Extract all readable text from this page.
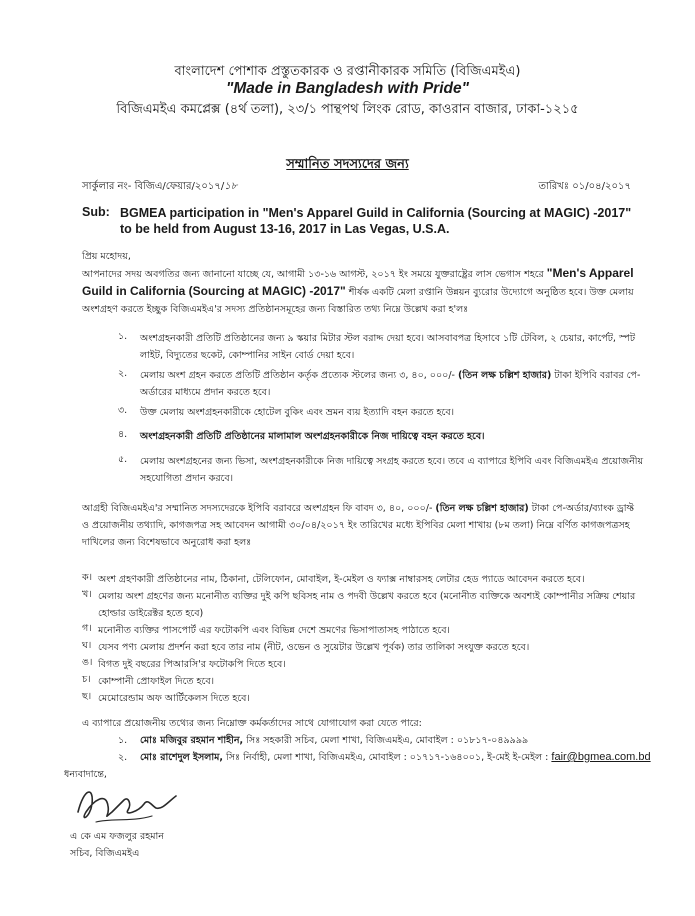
বাংলাদেশ পোশাক প্রস্তুতকারক ও রপ্তানীকারক সমিতি (বিজিএমইএ)
"Made in Bangladesh with Pride"
বিজিএমইএ কমপ্লেক্স (৪র্থ তলা), ২৩/১ পান্থপথ লিংক রোড, কাওরান বাজার, ঢাকা-১২১৫
সম্মানিত সদস্যদের জন্য
সার্কুলার নং- বিজিএ/ফেয়ার/২০১৭/১৮	তারিখঃ ০১/০৪/২০১৭
Sub: BGMEA participation in "Men's Apparel Guild in California (Sourcing at MAGIC) -2017" to be held from August 13-16, 2017 in Las Vegas, U.S.A.
প্রিয় মহোদয়,
আপনাদের সদয় অবগতির জন্য জানানো যাচ্ছে যে, আগামী ১৩-১৬ আগস্ট, ২০১৭ ইং সময়ে যুক্তরাষ্ট্রের লাস ভেগাস শহরে "Men's Apparel Guild in California (Sourcing at MAGIC) -2017" শীর্ষক একটি মেলা রপ্তানি উন্নয়ন ব্যুরোর উদ্যোগে অনুষ্ঠিত হবে। উক্ত মেলায় অংশগ্রহণ করতে ইচ্ছুক বিজিএমইএ'র সদস্য প্রতিষ্ঠানসমূহের জন্য বিস্তারিত তথ্য নিম্নে উল্লেখ করা হ'লঃ
১. অংশগ্রহনকারী প্রতিটি প্রতিষ্ঠানের জন্য ৯ স্কয়ার মিটার স্টল বরাদ্দ দেয়া হবে। আসবাবপত্র হিসাবে ১টি টেবিল, ২ চেয়ার, কার্পেট, স্পট লাইট, বিদ্যুতের ছকেট, কোম্পানির সাইন বোর্ড দেয়া হবে।
২. মেলায় অংশ গ্রহন করতে প্রতিটি প্রতিষ্ঠান কর্তৃক প্রত্যেক স্টলের জন্য ৩, ৪০, ০০০/- (তিন লক্ষ চল্লিশ হাজার) টাকা ইপিবি বরাবর পে-অর্ডারের মাধ্যমে প্রদান করতে হবে।
৩. উক্ত মেলায় অংশগ্রহনকারীকে হোটেল বুকিং এবং ভ্রমন ব্যয় ইত্যাদি বহন করতে হবে।
৪. অংশগ্রহনকারী প্রতিটি প্রতিষ্ঠানের মালামাল অংশগ্রহনকারীকে নিজ দায়িত্বে বহন করতে হবে।
৫. মেলায় অংশগ্রহনের জন্য ভিসা, অংশগ্রহনকারীকে নিজ দায়িত্বে সংগ্রহ করতে হবে। তবে এ ব্যাপারে ইপিবি এবং বিজিএমইএ প্রয়োজনীয় সহযোগিতা প্রদান করবে।
আগ্রহী বিজিএমইএ'র সম্মানিত সদস্যদেরকে ইপিবি বরাবরে অংশগ্রহন ফি বাবদ ৩, ৪০, ০০০/- (তিন লক্ষ চল্লিশ হাজার) টাকা পে-অর্ডার/ব্যাংক ড্রাফ্ট ও প্রয়োজনীয় তথ্যাদি, কাগজপত্র সহ আবেদন আগামী ৩০/০৪/২০১৭ ইং তারিখের মধ্যে ইপিবির মেলা শাখায় (৮ম তলা) নিম্নে বর্ণিত কাগজপত্রসহ দাখিলের জন্য বিশেষভাবে অনুরোধ করা হলঃ
ক। অংশ গ্রহণকারী প্রতিষ্ঠানের নাম, ঠিকানা, টেলিফোন, মোবাইল, ই-মেইল ও ফ্যাক্স নাম্বারসহ লেটার হেড প্যাডে আবেদন করতে হবে।
খ। মেলায় অংশ গ্রহণের জন্য মনোনীত ব্যক্তির দুই কপি ছবিসহ নাম ও পদবী উল্লেখ করতে হবে (মনোনীত ব্যক্তিকে অবশ্যই কোম্পানীর সক্রিয় শেয়ার হোল্ডার ডাইরেক্টর হতে হবে)
গ। মনোনীত ব্যক্তির পাসপোর্ট এর ফটোকপি এবং বিভিন্ন দেশে ভ্রমণের ভিসাপাতাসহ পাঠাতে হবে।
ঘ। যেসব পণ্য মেলায় প্রদর্শন করা হবে তার নাম (নীট, ওভেন ও সুয়েটার উল্লেখ পূর্বক) তার তালিকা সংযুক্ত করতে হবে।
ঙ। বিগত দুই বছরের পিআরসি'র ফটোকপি দিতে হবে।
চ। কোম্পানী প্রোফাইল দিতে হবে।
ছ। মেমোরেন্ডাম অফ আর্টিকেলস দিতে হবে।
এ ব্যাপারে প্রয়োজনীয় তথ্যের জন্য নিম্নোক্ত কর্মকর্তাদের সাথে যোগাযোগ করা যেতে পারে:
১. মোঃ মজিবুর রহমান শাহীন, সিঃ সহকারী সচিব, মেলা শাখা, বিজিএমইএ, মোবাইল : ০১৮১৭-০৪৯৯৯৯
২. মোঃ রাশেদুল ইসলাম, সিঃ নির্বাহী, মেলা শাখা, বিজিএমইএ, মোবাইল : ০১৭১৭-১৬৪০০১, ই-মেই ই-মেইল : fair@bgmea.com.bd
ধন্যবাদান্তে,
এ কে এম ফজলুর রহমান
সচিব, বিজিএমইএ
